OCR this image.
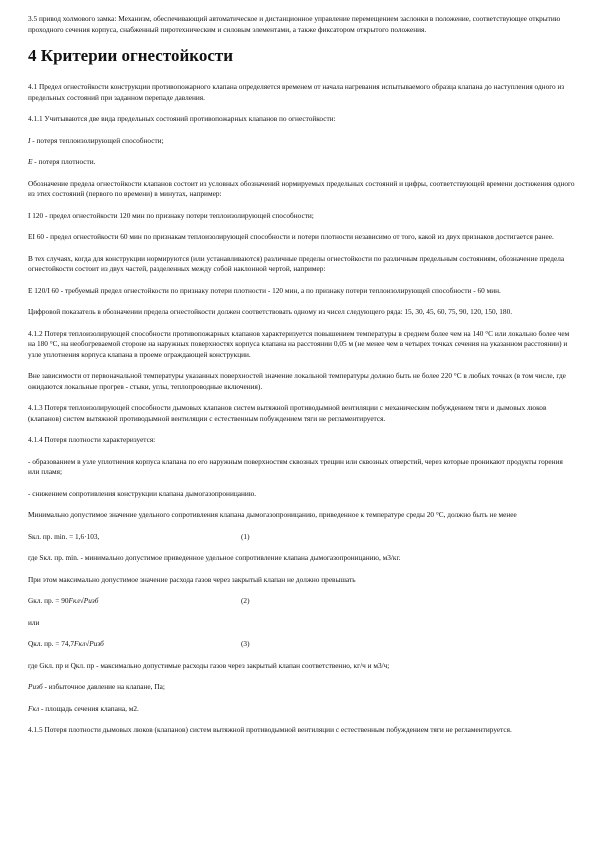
3.5 привод холмового замка: Механизм, обеспечивающий автоматическое и дистанционное управление перемещением заслонки в положение, соответствующее открытию проходного сечения корпуса, снабженный пиротехническим и силовым элементами, а также фиксатором открытого положения.

4 Критерии огнестойкости

4.1 Предел огнестойкости конструкции противопожарного клапана определяется временем от начала нагревания испытываемого образца клапана до наступления одного из предельных состояний при заданном перепаде давления.

4.1.1 Учитываются две вида предельных состояний противопожарных клапанов по огнестойкости:

I - потеря теплоизолирующей способности;

E - потеря плотности.

Обозначение предела огнестойкости клапанов состоит из условных обозначений нормируемых предельных состояний и цифры, соответствующей времени достижения одного из этих состояний (первого по времени) в минутах, например:

I 120 - предел огнестойкости 120 мин по признаку потери теплоизолирующей способности;

EI 60 - предел огнестойкости 60 мин по признакам теплоизолирующей способности и потери плотности независимо от того, какой из двух признаков достигается ранее.

В тех случаях, когда для конструкции нормируются (или устанавливаются) различные пределы огнестойкости по различным предельным состояниям, обозначение предела огнестойкости состоит из двух частей, разделенных между собой наклонной чертой, например:

Е 120/I 60 - требуемый предел огнестойкости по признаку потери плотности - 120 мин, а по признаку потери теплоизолирующей способности - 60 мин.

Цифровой показатель в обозначении предела огнестойкости должен соответствовать одному из чисел следующего ряда: 15, 30, 45, 60, 75, 90, 120, 150, 180.

4.1.2 Потеря теплоизолирующей способности противопожарных клапанов характеризуется повышением температуры в среднем более чем на 140 °С или локально более чем на 180 °С, на необогреваемой стороне на наружных поверхностях корпуса клапана на расстоянии 0,05 м (не менее чем в четырех точках сечения на указанном расстоянии) и узле уплотнения корпуса клапана в проеме ограждающей конструкции.

Вне зависимости от первоначальной температуры указанных поверхностей значение локальной температуры должно быть не более 220 °С в любых точках (в том числе, где ожидаются локальные прогрев - стыки, углы, теплопроводные включения).

4.1.3 Потеря теплоизолирующей способности дымовых клапанов систем вытяжной противодымной вентиляции с механическим побуждением тяги и дымовых люков (клапанов) систем вытяжной противодымной вентиляции с естественным побуждением тяги не регламентируется.

4.1.4 Потеря плотности характеризуется:

- образованием в узле уплотнения корпуса клапана по его наружным поверхностям сквозных трещин или сквозных отверстий, через которые проникают продукты горения или пламя;

- снижением сопротивления конструкции клапана дымогазопроницанию.

Минимально допустимое значение удельного сопротивления клапана дымогазопроницанию, приведенное к температуре среды 20 °С, должно быть не менее

Sкл. пр. min. = 1,6·103,	(1)

где Sкл. пр. min. - минимально допустимое приведенное удельное сопротивление клапана дымогазопроницанию, м3/кг.

При этом максимально допустимое значение расхода газов через закрытый клапан не должно превышать

Gкл. пр. = 90Fкл√Pизб	(2)

или

Qкл. пр. = 74,7Fкл√Pизб	(3)

где Gкл. пр и Qкл. пр - максимально допустимые расходы газов через закрытый клапан соответственно, кг/ч и м3/ч;

Pизб - избыточное давление на клапане, Па;

Fкл - площадь сечения клапана, м2.

4.1.5 Потеря плотности дымовых люков (клапанов) систем вытяжной противодымной вентиляции с естественным побуждением тяги не регламентируется.
